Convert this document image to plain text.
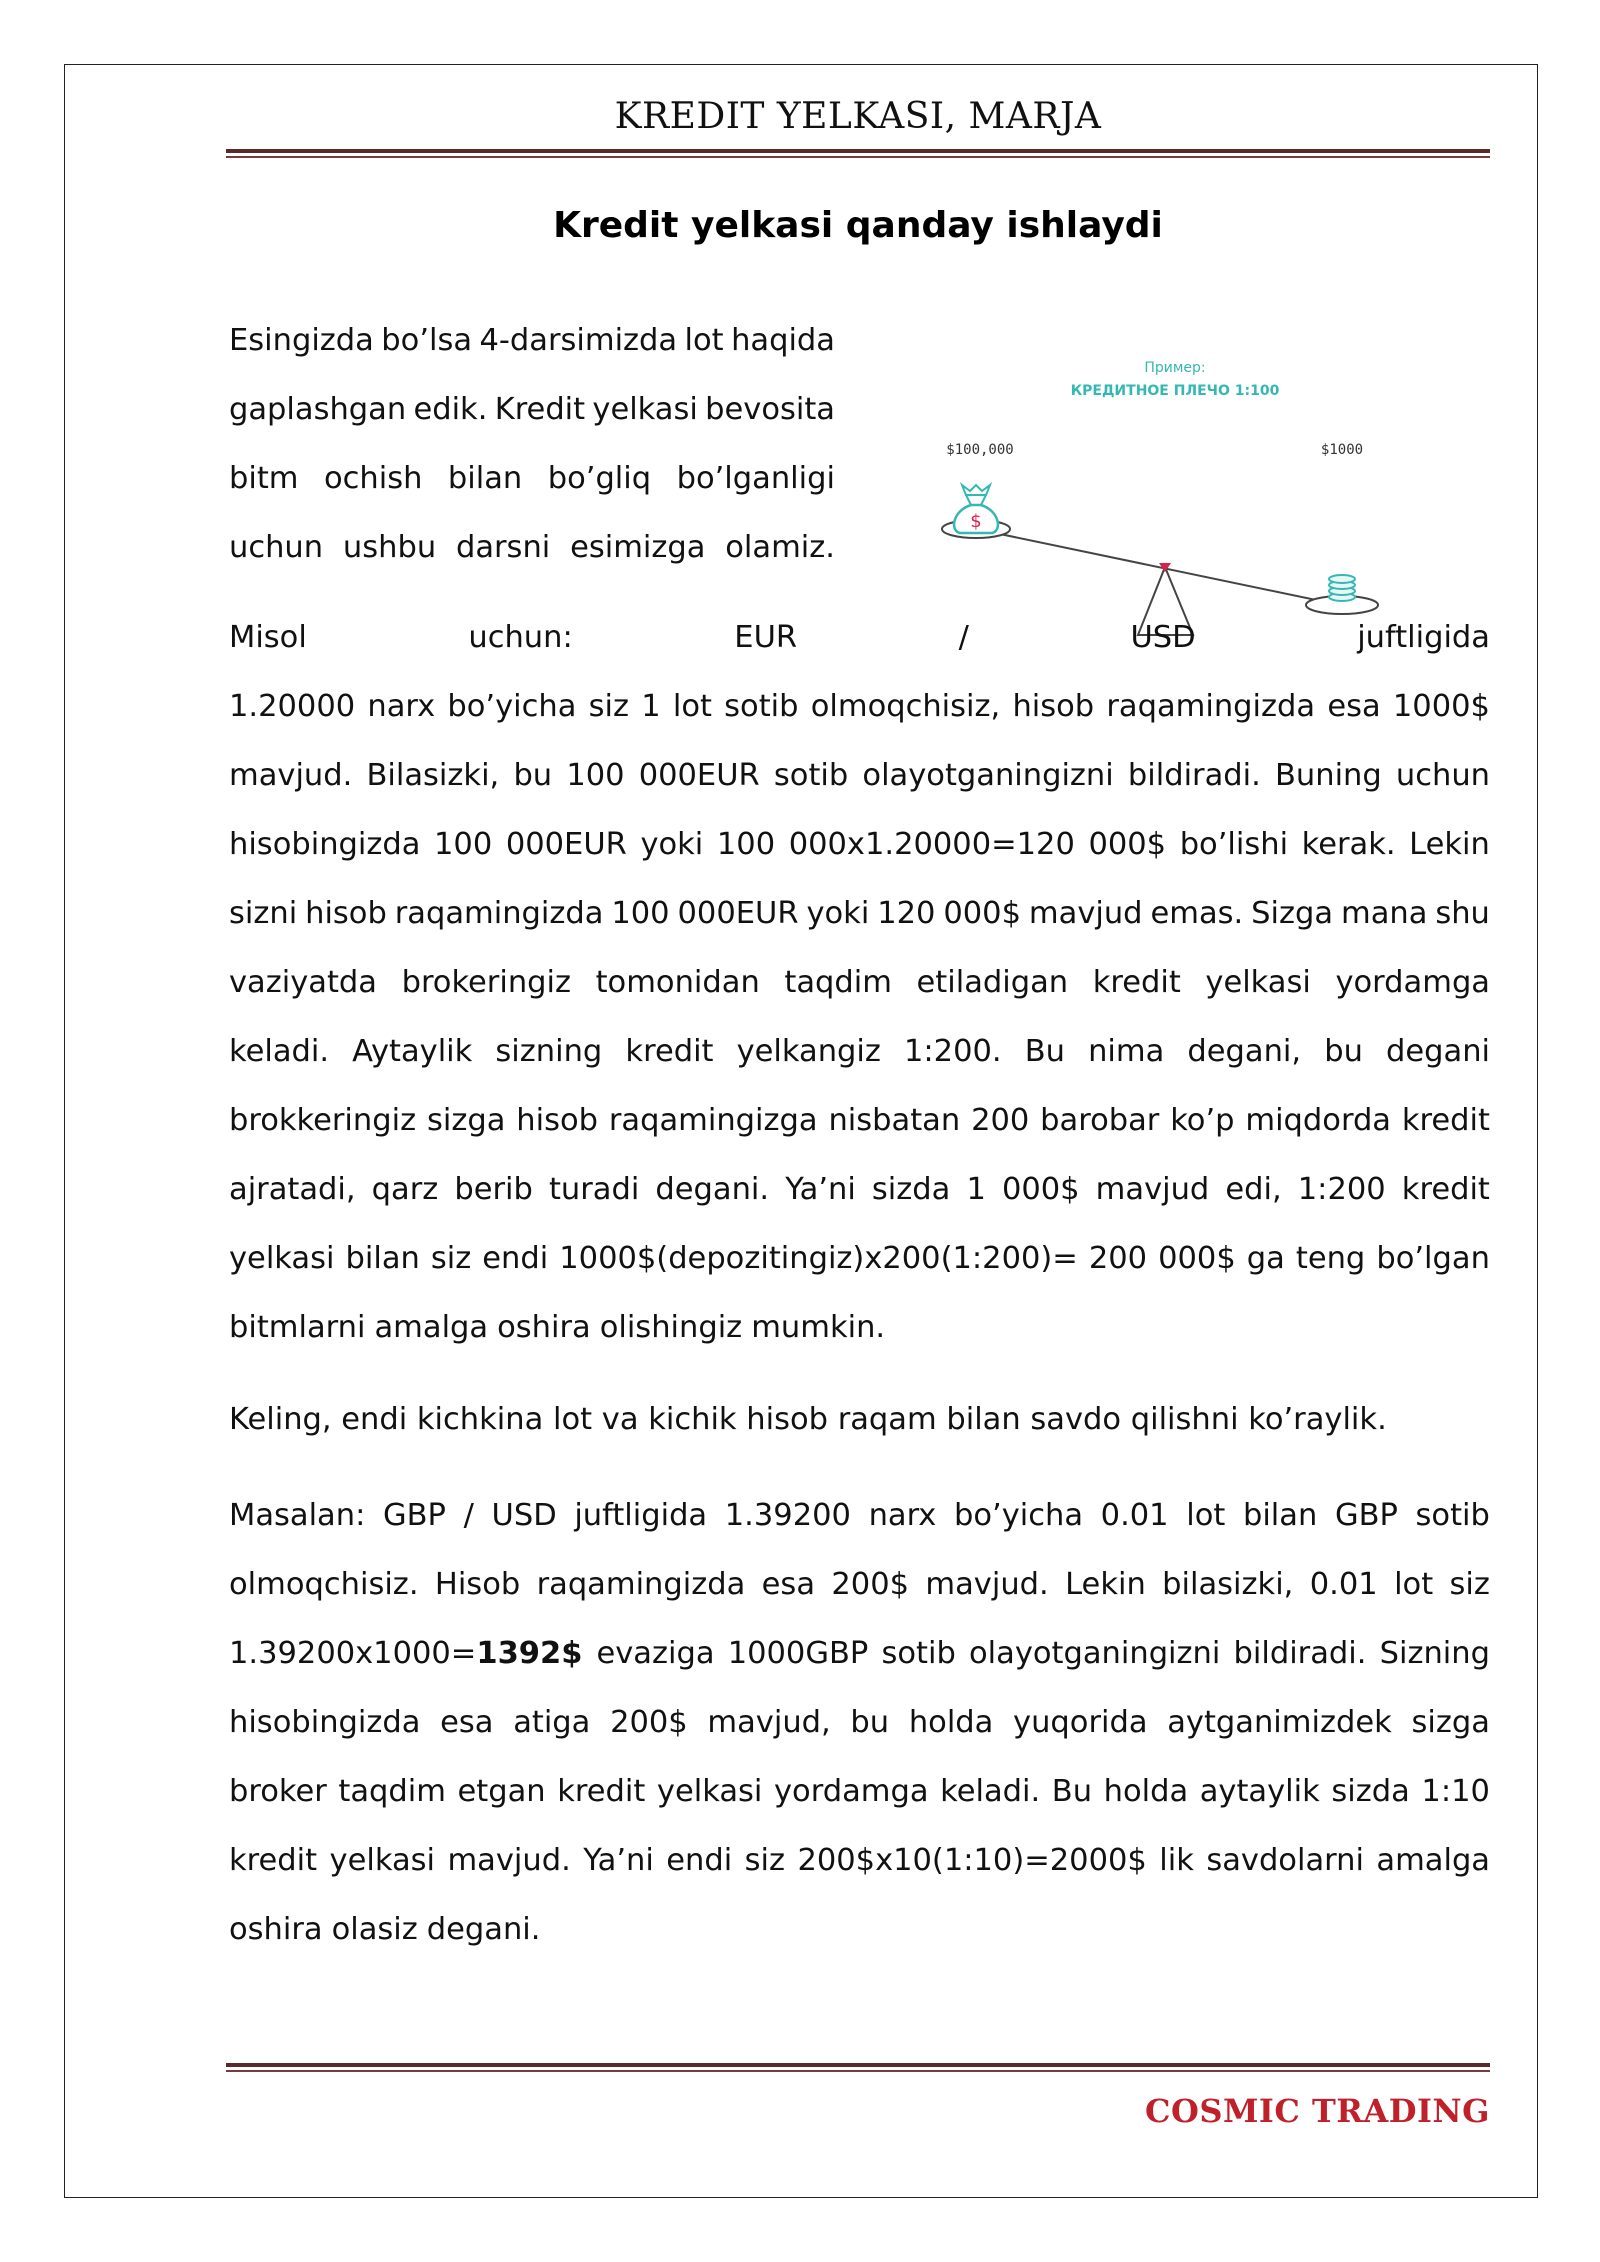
KREDIT YELKASI, MARJA
Kredit yelkasi qanday ishlaydi
Esingizda bo’lsa 4-darsimizda lot haqida
gaplashgan edik. Kredit yelkasi bevosita
bitm ochish bilan bo’gliq bo’lganligi
uchun ushbu darsni esimizga olamiz.
Пример:
КРЕДИТНОЕ ПЛЕЧО 1:100
$100,000	$1000
$
Misol	uchun:	EUR	/	USD	juftligida
1.20000 narx bo’yicha siz 1 lot sotib olmoqchisiz, hisob raqamingizda esa 1000$
mavjud. Bilasizki, bu 100 000EUR sotib olayotganingizni bildiradi. Buning uchun
hisobingizda 100 000EUR yoki 100 000x1.20000=120 000$ bo’lishi kerak. Lekin
sizni hisob raqamingizda 100 000EUR yoki 120 000$ mavjud emas. Sizga mana shu
vaziyatda brokeringiz tomonidan taqdim etiladigan kredit yelkasi yordamga
keladi. Aytaylik sizning kredit yelkangiz 1:200. Bu nima degani, bu degani
brokkeringiz sizga hisob raqamingizga nisbatan 200 barobar ko’p miqdorda kredit
ajratadi, qarz berib turadi degani. Ya’ni sizda 1 000$ mavjud edi, 1:200 kredit
yelkasi bilan siz endi 1000$(depozitingiz)x200(1:200)= 200 000$ ga teng bo’lgan
bitmlarni amalga oshira olishingiz mumkin.
Keling, endi kichkina lot va kichik hisob raqam bilan savdo qilishni ko’raylik.
Masalan: GBP / USD juftligida 1.39200 narx bo’yicha 0.01 lot bilan GBP sotib
olmoqchisiz. Hisob raqamingizda esa 200$ mavjud. Lekin bilasizki, 0.01 lot siz
1.39200x1000=1392$ evaziga 1000GBP sotib olayotganingizni bildiradi. Sizning
hisobingizda esa atiga 200$ mavjud, bu holda yuqorida aytganimizdek sizga
broker taqdim etgan kredit yelkasi yordamga keladi. Bu holda aytaylik sizda 1:10
kredit yelkasi mavjud. Ya’ni endi siz 200$x10(1:10)=2000$ lik savdolarni amalga
oshira olasiz degani.
COSMIC TRADING
